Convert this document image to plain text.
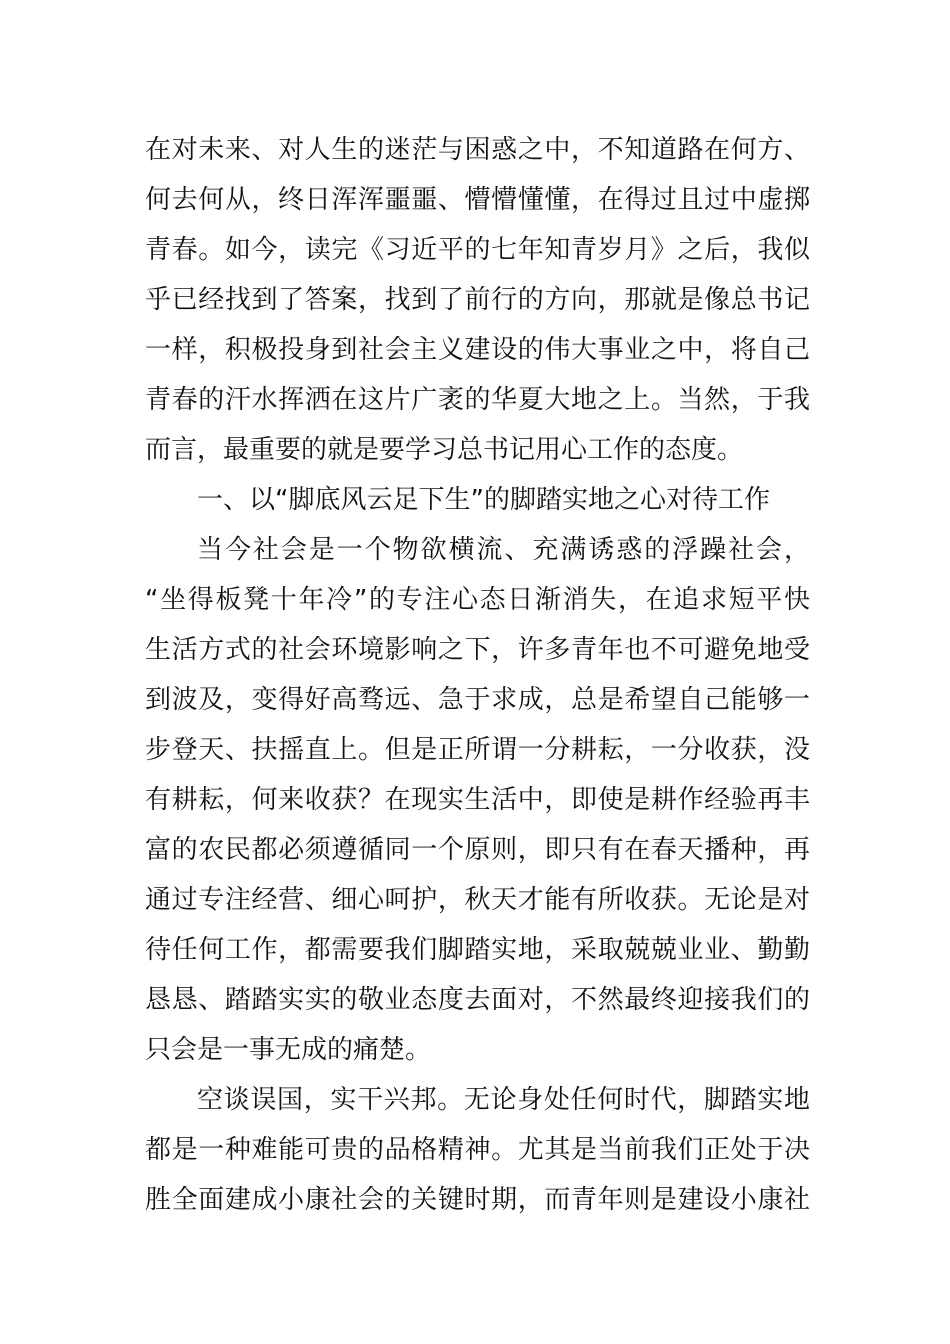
在对未来、对人生的迷茫与困惑之中，不知道路在何方、
何去何从，终日浑浑噩噩、懵懵懂懂，在得过且过中虚掷
青春。如今，读完《习近平的七年知青岁月》之后，我似
乎已经找到了答案，找到了前行的方向，那就是像总书记
一样，积极投身到社会主义建设的伟大事业之中，将自己
青春的汗水挥洒在这片广袤的华夏大地之上。当然，于我
而言，最重要的就是要学习总书记用心工作的态度。
一、以“脚底风云足下生”的脚踏实地之心对待工作
当今社会是一个物欲横流、充满诱惑的浮躁社会，
“坐得板凳十年冷”的专注心态日渐消失，在追求短平快
生活方式的社会环境影响之下，许多青年也不可避免地受
到波及，变得好高骛远、急于求成，总是希望自己能够一
步登天、扶摇直上。但是正所谓一分耕耘，一分收获，没
有耕耘，何来收获？在现实生活中，即使是耕作经验再丰
富的农民都必须遵循同一个原则，即只有在春天播种，再
通过专注经营、细心呵护，秋天才能有所收获。无论是对
待任何工作，都需要我们脚踏实地，采取兢兢业业、勤勤
恳恳、踏踏实实的敬业态度去面对，不然最终迎接我们的
只会是一事无成的痛楚。
空谈误国，实干兴邦。无论身处任何时代，脚踏实地
都是一种难能可贵的品格精神。尤其是当前我们正处于决
胜全面建成小康社会的关键时期，而青年则是建设小康社
